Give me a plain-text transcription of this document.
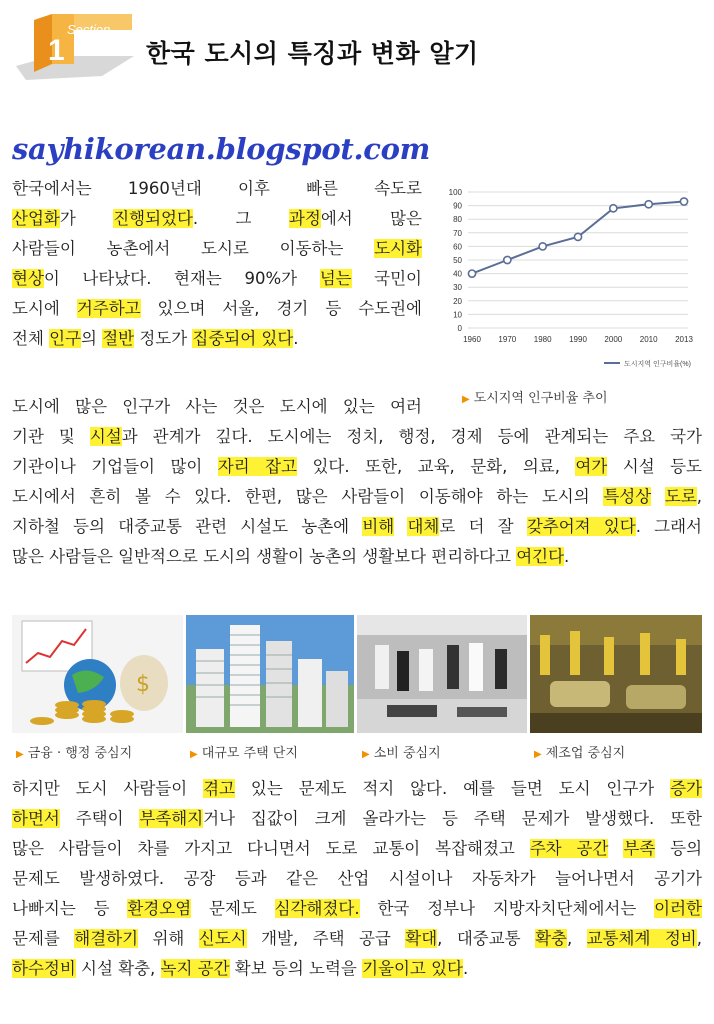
Section
1	한국 도시의 특징과 변화 알기
sayhikorean.blogspot.com
한국에서는 1960년대 이후 빠른 속도로
산업화가 진행되었다. 그 과정에서 많은
사람들이 농촌에서 도시로 이동하는 도시화
현상이 나타났다. 현재는 90%가 넘는 국민이
도시에 거주하고 있으며 서울, 경기 등 수도권에
전체 인구의 절반 정도가 집중되어 있다.
도시에 많은 인구가 사는 것은 도시에 있는 여러
기관 및 시설과 관계가 깊다. 도시에는 정치, 행정, 경제 등에 관계되는 주요 국가
기관이나 기업들이 많이 자리 잡고 있다. 또한, 교육, 문화, 의료, 여가 시설 등도
도시에서 흔히 볼 수 있다. 한편, 많은 사람들이 이동해야 하는 도시의 특성상 도로,
지하철 등의 대중교통 관련 시설도 농촌에 비해 대체로 더 잘 갖추어져 있다. 그래서
많은 사람들은 일반적으로 도시의 생활이 농촌의 생활보다 편리하다고 여긴다.
하지만 도시 사람들이 겪고 있는 문제도 적지 않다. 예를 들면 도시 인구가 증가
하면서 주택이 부족해지거나 집값이 크게 올라가는 등 주택 문제가 발생했다. 또한
많은 사람들이 차를 가지고 다니면서 도로 교통이 복잡해졌고 주차 공간 부족 등의
문제도 발생하였다. 공장 등과 같은 산업 시설이나 자동차가 늘어나면서 공기가
나빠지는 등 환경오염 문제도 심각해졌다. 한국 정부나 지방자치단체에서는 이러한
문제를 해결하기 위해 신도시 개발, 주택 공급 확대, 대중교통 확충, 교통체계 정비,
하수정비 시설 확충, 녹지 공간 확보 등의 노력을 기울이고 있다.
0
10
20
30
40
50
60
70
80
90
100
1960 1970 1980 1990 2000 2010 2013
도시지역 인구비율(%)
▶ 도시지역 인구비율 추이
$
▶ 금융 · 행정 중심지	▶ 대규모 주택 단지	▶ 소비 중심지	▶ 제조업 중심지
